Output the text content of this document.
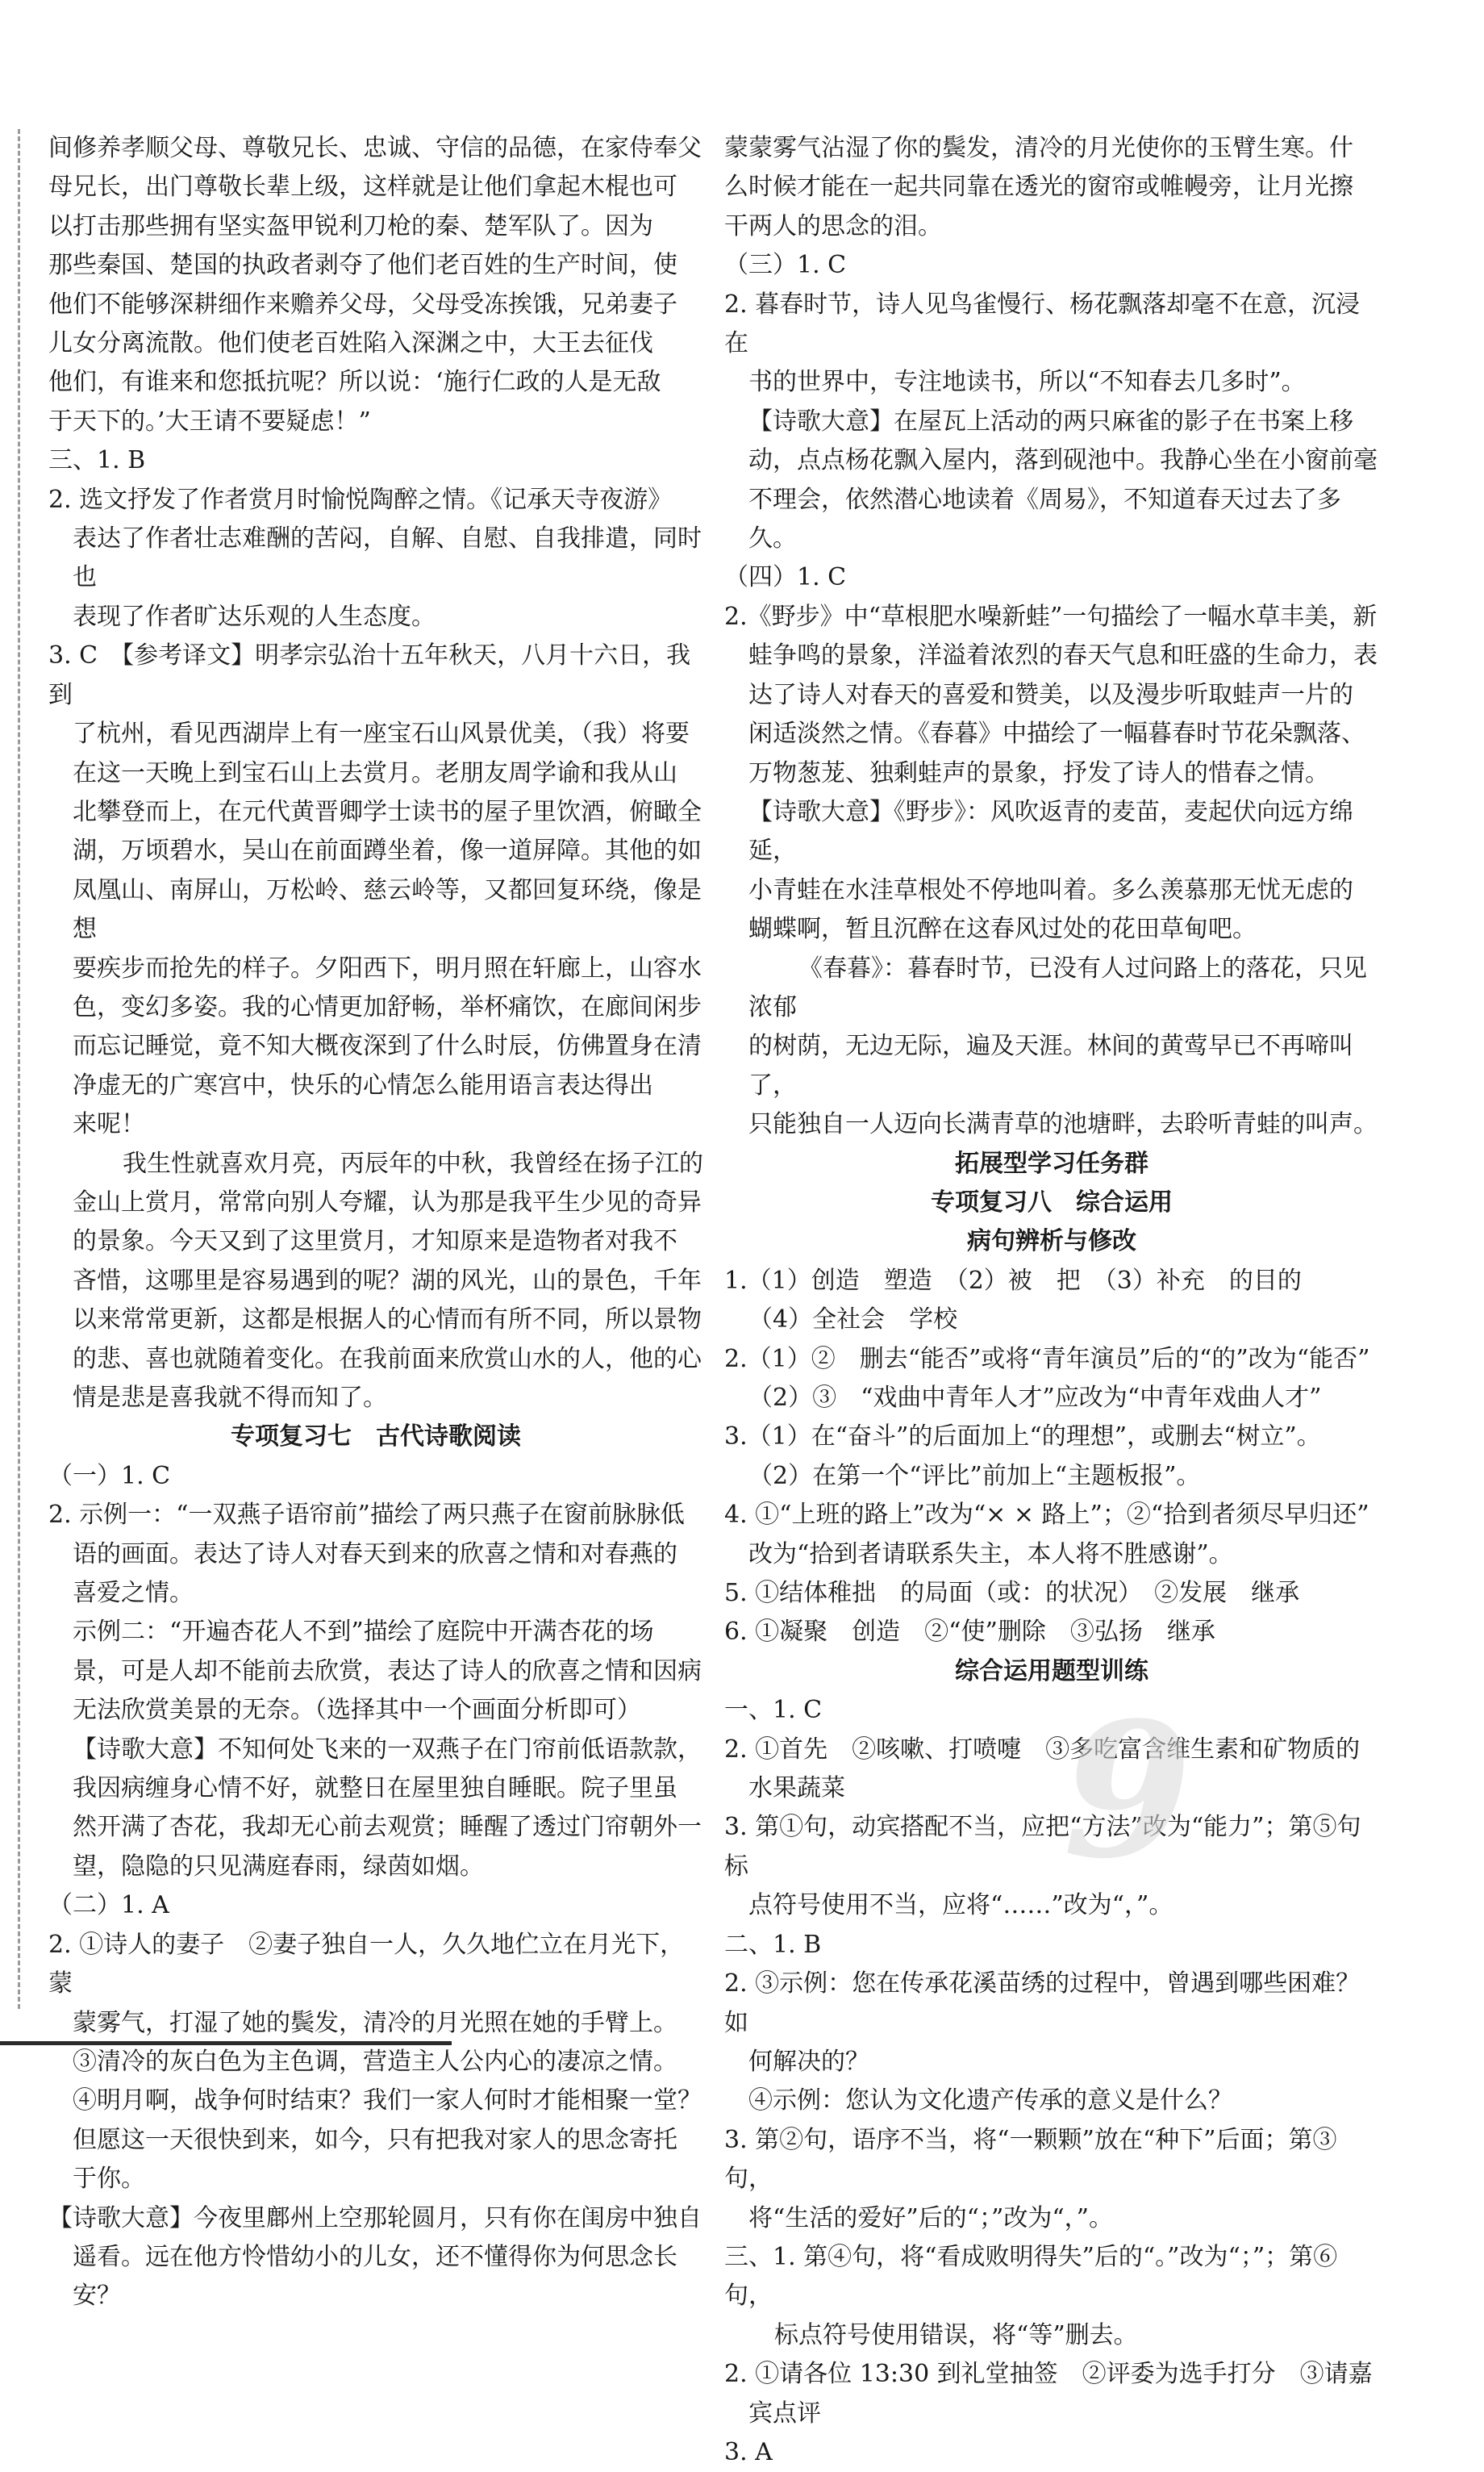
间修养孝顺父母、尊敬兄长、忠诚、守信的品德，在家侍奉父

母兄长，出门尊敬长辈上级，这样就是让他们拿起木棍也可

以打击那些拥有坚实盔甲锐利刀枪的秦、楚军队了。因为

那些秦国、楚国的执政者剥夺了他们老百姓的生产时间，使

他们不能够深耕细作来赡养父母，父母受冻挨饿，兄弟妻子

儿女分离流散。他们使老百姓陷入深渊之中，大王去征伐

他们，有谁来和您抵抗呢？所以说：‘施行仁政的人是无敌

于天下的。’大王请不要疑虑！”

三、1. B

2. 选文抒发了作者赏月时愉悦陶醉之情。《记承天寺夜游》

表达了作者壮志难酬的苦闷，自解、自慰、自我排遣，同时也

表现了作者旷达乐观的人生态度。

3. C　【参考译文】明孝宗弘治十五年秋天，八月十六日，我到

了杭州，看见西湖岸上有一座宝石山风景优美，（我）将要

在这一天晚上到宝石山上去赏月。老朋友周学谕和我从山

北攀登而上，在元代黄晋卿学士读书的屋子里饮酒，俯瞰全

湖，万顷碧水，吴山在前面蹲坐着，像一道屏障。其他的如

凤凰山、南屏山，万松岭、慈云岭等，又都回复环绕，像是想

要疾步而抢先的样子。夕阳西下，明月照在轩廊上，山容水

色，变幻多姿。我的心情更加舒畅，举杯痛饮，在廊间闲步

而忘记睡觉，竟不知大概夜深到了什么时辰，仿佛置身在清

净虚无的广寒宫中，快乐的心情怎么能用语言表达得出

来呢！

我生性就喜欢月亮，丙辰年的中秋，我曾经在扬子江的

金山上赏月，常常向别人夸耀，认为那是我平生少见的奇异

的景象。今天又到了这里赏月，才知原来是造物者对我不

吝惜，这哪里是容易遇到的呢？湖的风光，山的景色，千年

以来常常更新，这都是根据人的心情而有所不同，所以景物

的悲、喜也就随着变化。在我前面来欣赏山水的人，他的心

情是悲是喜我就不得而知了。

专项复习七　古代诗歌阅读

（一）1. C

2. 示例一：“一双燕子语帘前”描绘了两只燕子在窗前脉脉低

语的画面。表达了诗人对春天到来的欣喜之情和对春燕的

喜爱之情。

示例二：“开遍杏花人不到”描绘了庭院中开满杏花的场

景，可是人却不能前去欣赏，表达了诗人的欣喜之情和因病

无法欣赏美景的无奈。（选择其中一个画面分析即可）

【诗歌大意】不知何处飞来的一双燕子在门帘前低语款款，

我因病缠身心情不好，就整日在屋里独自睡眠。院子里虽

然开满了杏花，我却无心前去观赏；睡醒了透过门帘朝外一

望，隐隐的只见满庭春雨，绿茵如烟。

（二）1. A

2. ①诗人的妻子　②妻子独自一人，久久地伫立在月光下，蒙

蒙雾气，打湿了她的鬓发，清冷的月光照在她的手臂上。

③清冷的灰白色为主色调，营造主人公内心的凄凉之情。

④明月啊，战争何时结束？我们一家人何时才能相聚一堂？

但愿这一天很快到来，如今，只有把我对家人的思念寄托

于你。

【诗歌大意】今夜里鄜州上空那轮圆月，只有你在闺房中独自

遥看。远在他方怜惜幼小的儿女，还不懂得你为何思念长安？

蒙蒙雾气沾湿了你的鬓发，清冷的月光使你的玉臂生寒。什

么时候才能在一起共同靠在透光的窗帘或帷幔旁，让月光擦

干两人的思念的泪。

（三）1. C

2. 暮春时节，诗人见鸟雀慢行、杨花飘落却毫不在意，沉浸在

书的世界中，专注地读书，所以“不知春去几多时”。

【诗歌大意】在屋瓦上活动的两只麻雀的影子在书案上移

动，点点杨花飘入屋内，落到砚池中。我静心坐在小窗前毫

不理会，依然潜心地读着《周易》，不知道春天过去了多久。

（四）1. C

2.《野步》中“草根肥水噪新蛙”一句描绘了一幅水草丰美，新

蛙争鸣的景象，洋溢着浓烈的春天气息和旺盛的生命力，表

达了诗人对春天的喜爱和赞美，以及漫步听取蛙声一片的

闲适淡然之情。《春暮》中描绘了一幅暮春时节花朵飘落、

万物葱茏、独剩蛙声的景象，抒发了诗人的惜春之情。

【诗歌大意】《野步》：风吹返青的麦苗，麦起伏向远方绵延，

小青蛙在水洼草根处不停地叫着。多么羡慕那无忧无虑的

蝴蝶啊，暂且沉醉在这春风过处的花田草甸吧。

《春暮》：暮春时节，已没有人过问路上的落花，只见浓郁

的树荫，无边无际，遍及天涯。林间的黄莺早已不再啼叫了，

只能独自一人迈向长满青草的池塘畔，去聆听青蛙的叫声。

拓展型学习任务群

专项复习八　综合运用

病句辨析与修改

1.（1）创造　塑造　（2）被　把　（3）补充　的目的

（4）全社会　学校

2.（1）②　删去“能否”或将“青年演员”后的“的”改为“能否”

（2）③　“戏曲中青年人才”应改为“中青年戏曲人才”

3.（1）在“奋斗”的后面加上“的理想”，或删去“树立”。

（2）在第一个“评比”前加上“主题板报”。

4. ①“上班的路上”改为“× × 路上”；②“拾到者须尽早归还”

改为“拾到者请联系失主，本人将不胜感谢”。

5. ①结体稚拙　的局面（或：的状况）　②发展　继承

6. ①凝聚　创造　②“使”删除　③弘扬　继承

综合运用题型训练

一、1. C

2. ①首先　②咳嗽、打喷嚏　③多吃富含维生素和矿物质的

水果蔬菜

3. 第①句，动宾搭配不当，应把“方法”改为“能力”；第⑤句标

点符号使用不当，应将“……”改为“，”。

二、1. B

2. ③示例：您在传承花溪苗绣的过程中，曾遇到哪些困难？如

何解决的？

④示例：您认为文化遗产传承的意义是什么？

3. 第②句，语序不当，将“一颗颗”放在“种下”后面；第③句，

将“生活的爱好”后的“；”改为“，”。

三、1. 第④句，将“看成败明得失”后的“。”改为“；”；第⑥句，

标点符号使用错误，将“等”删去。

2. ①请各位 13:30 到礼堂抽签　②评委为选手打分　③请嘉

宾点评

3. A

9
